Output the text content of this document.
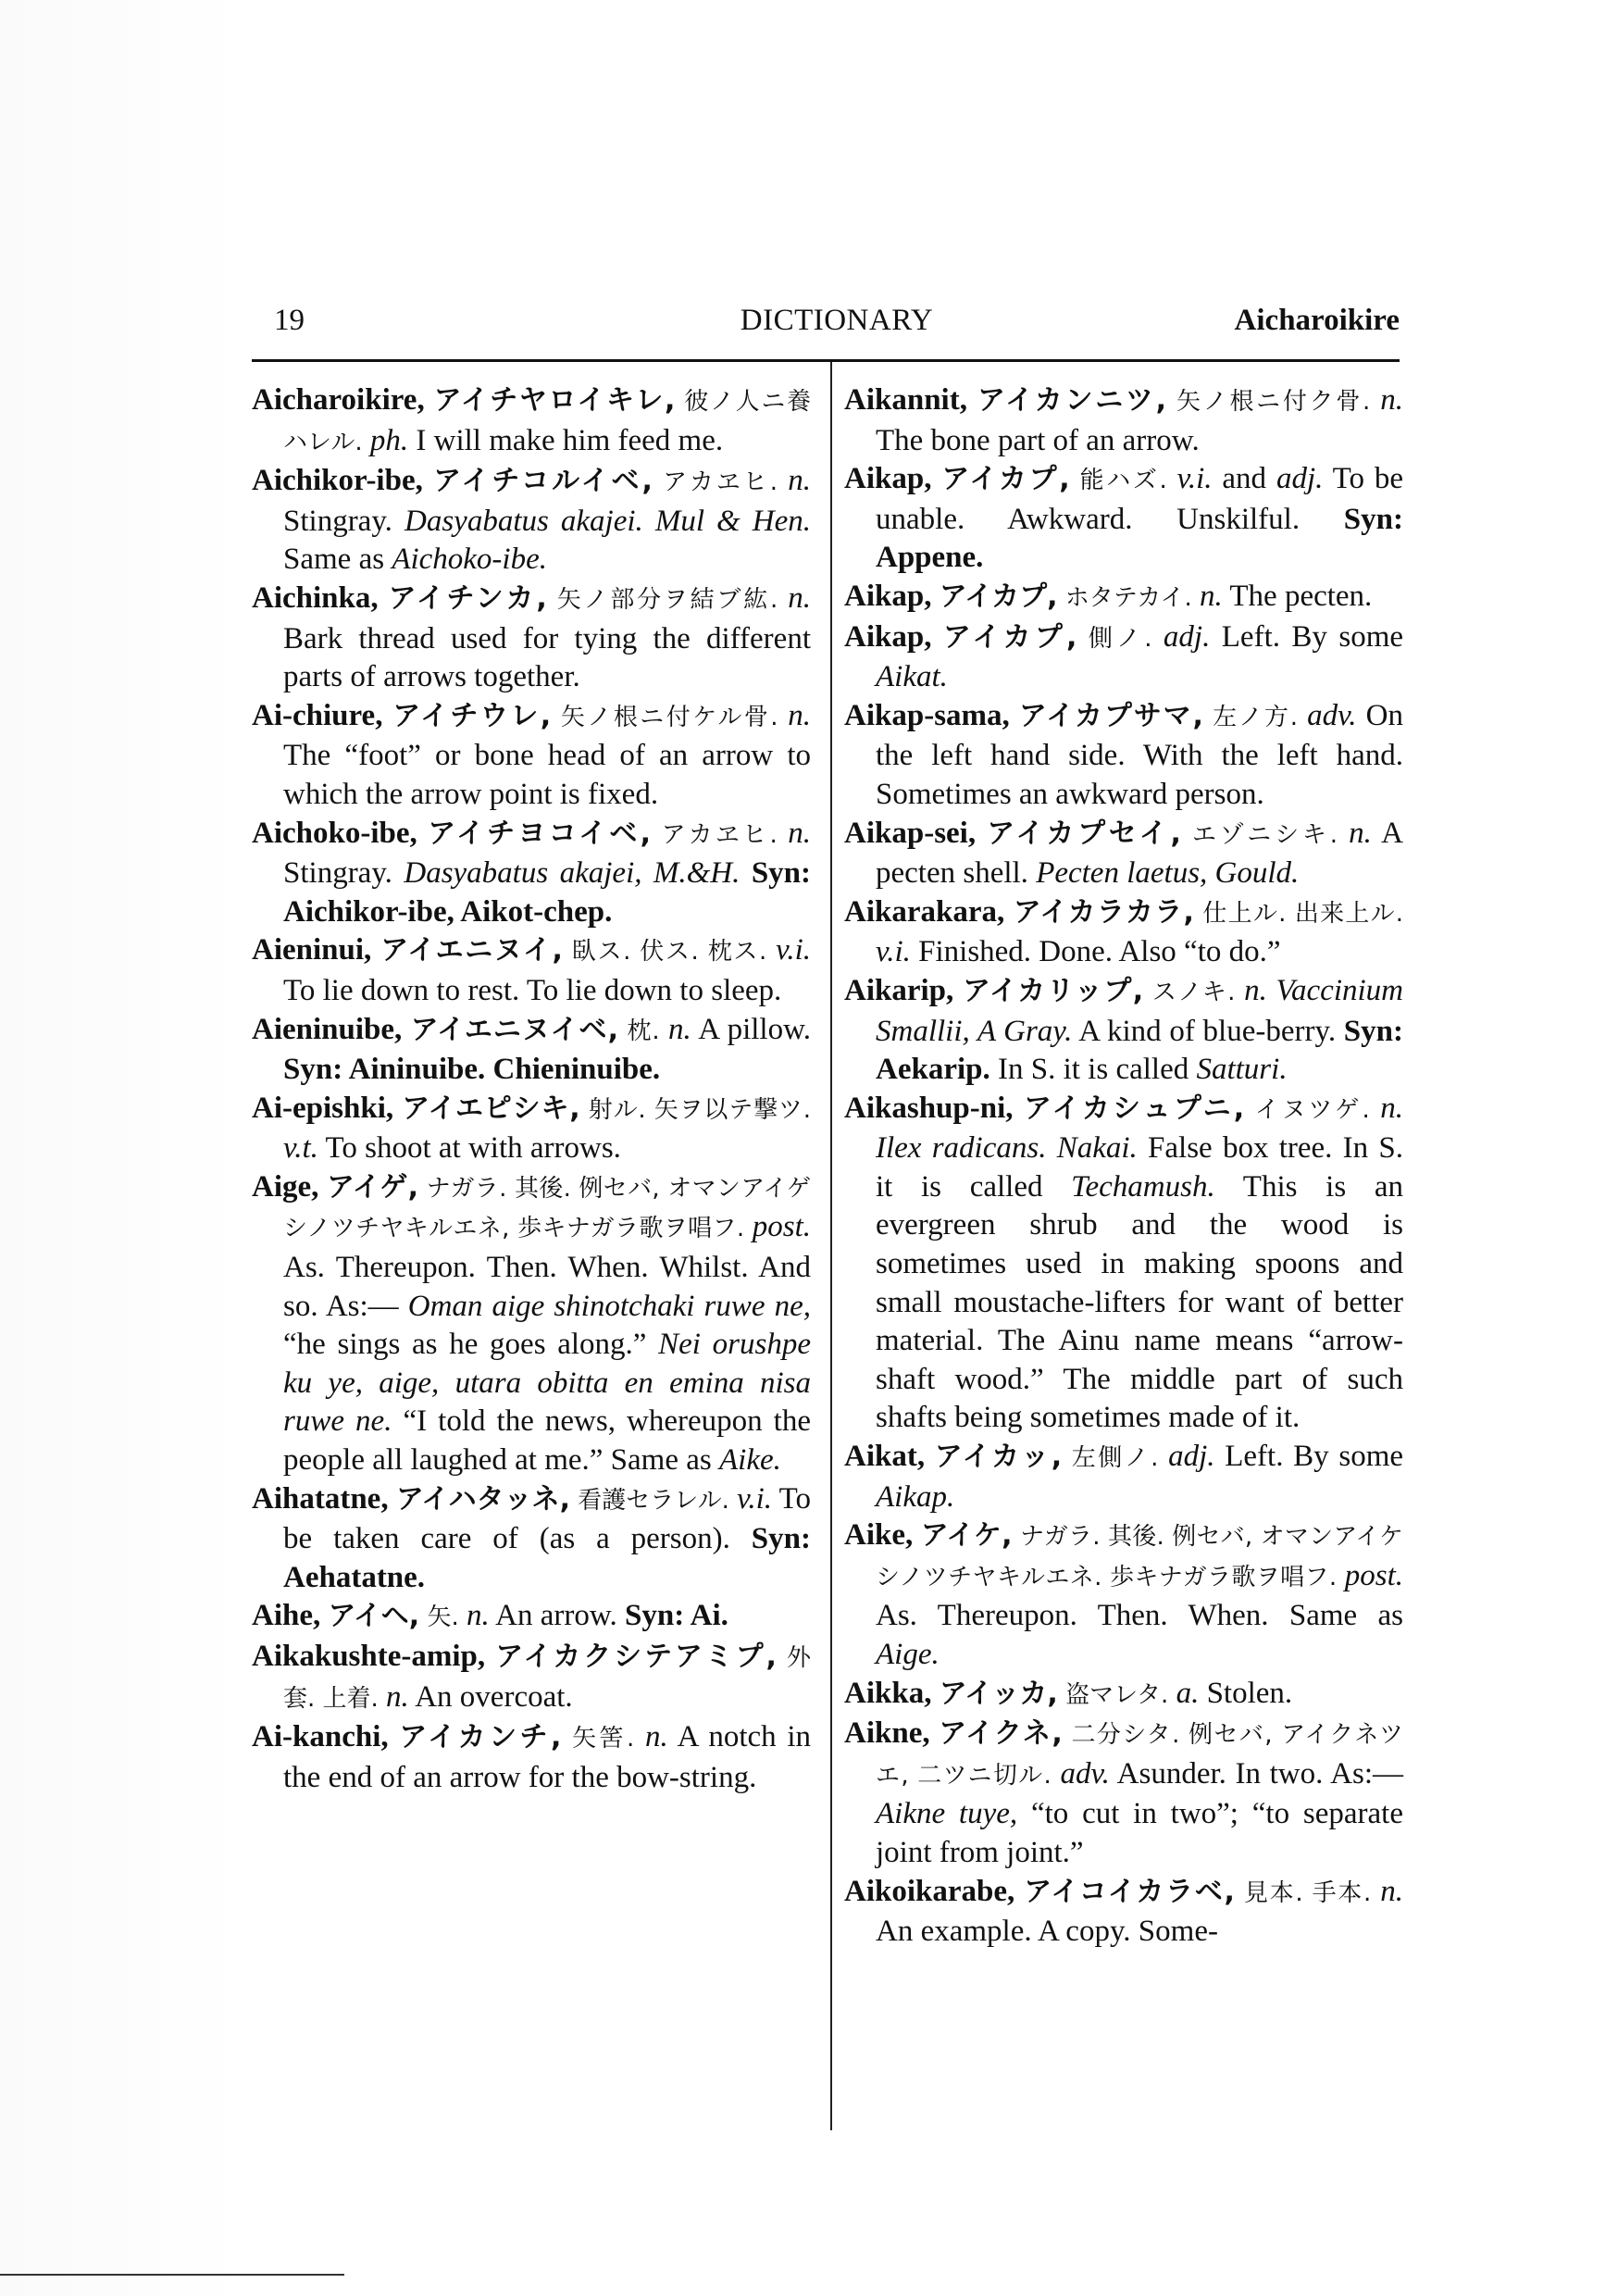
19	DICTIONARY	Aicharoikire
Aicharoikire, アイチヤロイキレ, 彼ノ人ニ養ハレル. ph. I will make him feed me.
Aichikor-ibe, アイチコルイベ, アカヱヒ. n. Stingray. Dasyabatus akajei. Mul & Hen. Same as Aichoko-ibe.
Aichinka, アイチンカ, 矢ノ部分ヲ結ブ紘. n. Bark thread used for tying the different parts of arrows together.
Ai-chiure, アイチウレ, 矢ノ根ニ付ケル骨. n. The “foot” or bone head of an arrow to which the arrow point is fixed.
Aichoko-ibe, アイチヨコイベ, アカヱヒ. n. Stingray. Dasyabatus akajei, M.&H. Syn: Aichikor-ibe, Aikot-chep.
Aieninui, アイエニヌイ, 臥ス. 伏ス. 枕ス. v.i. To lie down to rest. To lie down to sleep.
Aieninuibe, アイエニヌイベ, 枕. n. A pillow. Syn: Aininuibe. Chieninuibe.
Ai-epishki, アイエピシキ, 射ル. 矢ヲ以テ撃ツ. v.t. To shoot at with arrows.
Aige, アイゲ, ナガラ. 其後. 例セバ, オマンアイゲシノツチヤキルエネ, 歩キナガラ歌ヲ唱フ. post. As. Thereupon. Then. When. Whilst. And so. As:— Oman aige shinotchaki ruwe ne, “he sings as he goes along.” Nei orushpe ku ye, aige, utara obitta en emina nisa ruwe ne. “I told the news, whereupon the people all laughed at me.” Same as Aike.
Aihatatne, アイハタッネ, 看護セラレル. v.i. To be taken care of (as a person). Syn: Aehatatne.
Aihe, アイヘ, 矢. n. An arrow. Syn: Ai.
Aikakushte-amip, アイカクシテアミプ, 外套. 上着. n. An overcoat.
Ai-kanchi, アイカンチ, 矢筈. n. A notch in the end of an arrow for the bow-string.
Aikannit, アイカンニツ, 矢ノ根ニ付ク骨. n. The bone part of an arrow.
Aikap, アイカプ, 能ハズ. v.i. and adj. To be unable. Awkward. Unskilful. Syn: Appene.
Aikap, アイカプ, ホタテカイ. n. The pecten.
Aikap, アイカプ, 側ノ. adj. Left. By some Aikat.
Aikap-sama, アイカプサマ, 左ノ方. adv. On the left hand side. With the left hand. Sometimes an awkward person.
Aikap-sei, アイカプセイ, エゾニシキ. n. A pecten shell. Pecten laetus, Gould.
Aikarakara, アイカラカラ, 仕上ル. 出来上ル. v.i. Finished. Done. Also “to do.”
Aikarip, アイカリップ, スノキ. n. Vaccinium Smallii, A Gray. A kind of blue-berry. Syn: Aekarip. In S. it is called Satturi.
Aikashup-ni, アイカシュプニ, イヌツゲ. n. Ilex radicans. Nakai. False box tree. In S. it is called Techamush. This is an evergreen shrub and the wood is sometimes used in making spoons and small moustache-lifters for want of better material. The Ainu name means “arrow-shaft wood.” The middle part of such shafts being sometimes made of it.
Aikat, アイカッ, 左側ノ. adj. Left. By some Aikap.
Aike, アイケ, ナガラ. 其後. 例セバ, オマンアイケシノツチヤキルエネ. 歩キナガラ歌ヲ唱フ. post. As. Thereupon. Then. When. Same as Aige.
Aikka, アイッカ, 盗マレタ. a. Stolen.
Aikne, アイクネ, 二分シタ. 例セバ, アイクネツエ, 二ツニ切ル. adv. Asunder. In two. As:—Aikne tuye, “to cut in two”; “to separate joint from joint.”
Aikoikarabe, アイコイカラベ, 見本. 手本. n. An example. A copy. Some-
